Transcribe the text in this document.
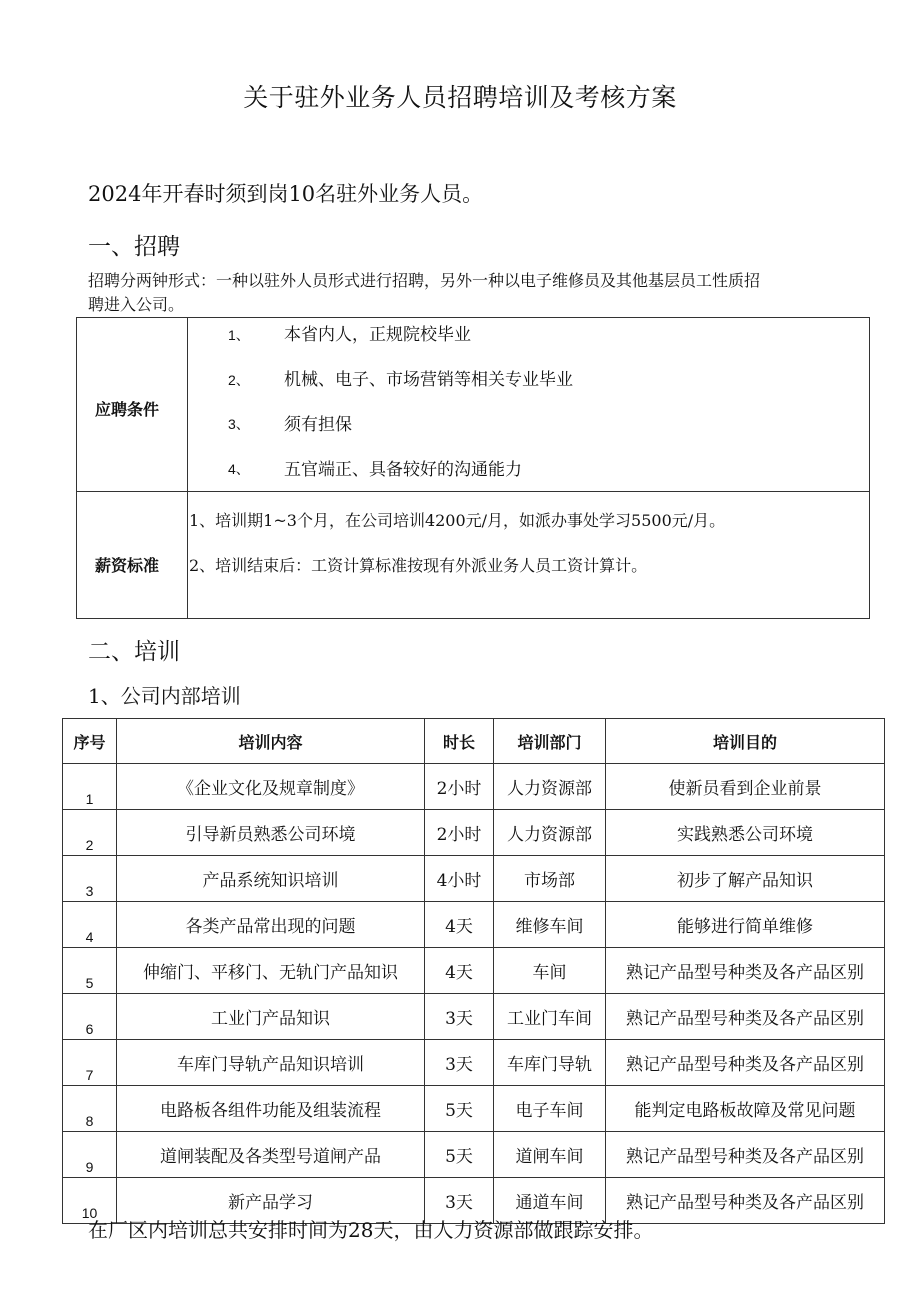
关于驻外业务人员招聘培训及考核方案
2024年开春时须到岗10名驻外业务人员。
一、招聘
招聘分两钟形式：一种以驻外人员形式进行招聘，另外一种以电子维修员及其他基层员工性质招
聘进入公司。
应聘条件
1、 本省内人，正规院校毕业
2、 机械、电子、市场营销等相关专业毕业
3、 须有担保
4、 五官端正、具备较好的沟通能力
薪资标准
1、培训期1~3个月，在公司培训4200元/月，如派办事处学习5500元/月。
2、培训结束后：工资计算标准按现有外派业务人员工资计算计。
二、培训
1、公司内部培训
序号	培训内容	时长	培训部门	培训目的
1	《企业文化及规章制度》	2小时	人力资源部	使新员看到企业前景
2	引导新员熟悉公司环境	2小时	人力资源部	实践熟悉公司环境
3	产品系统知识培训	4小时	市场部	初步了解产品知识
4	各类产品常出现的问题	4天	维修车间	能够进行简单维修
5	伸缩门、平移门、无轨门产品知识	4天	车间	熟记产品型号种类及各产品区别
6	工业门产品知识	3天	工业门车间	熟记产品型号种类及各产品区别
7	车库门导轨产品知识培训	3天	车库门导轨	熟记产品型号种类及各产品区别
8	电路板各组件功能及组装流程	5天	电子车间	能判定电路板故障及常见问题
9	道闸装配及各类型号道闸产品	5天	道闸车间	熟记产品型号种类及各产品区别
10	新产品学习	3天	通道车间	熟记产品型号种类及各产品区别
在厂区内培训总共安排时间为28天，由人力资源部做跟踪安排。
